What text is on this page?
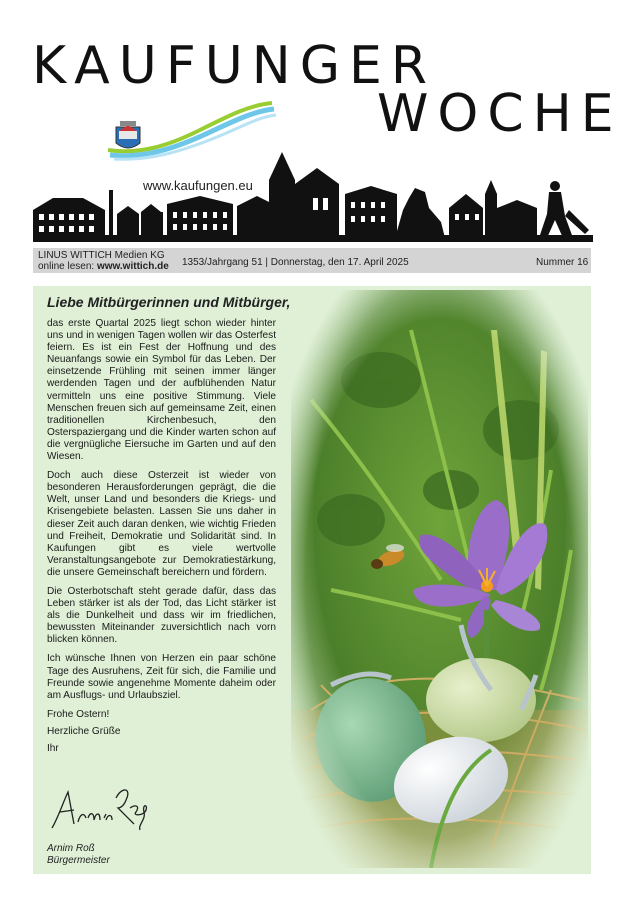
KAUFUNGER
WOCHE
www.kaufungen.eu
LINUS WITTICH Medien KG
online lesen: www.wittich.de 1353/Jahrgang 51 | Donnerstag, den 17. April 2025	Nummer 16
Liebe Mitbürgerinnen und Mitbürger,

das erste Quartal 2025 liegt schon wieder hinter uns und in wenigen Tagen wollen wir das Osterfest feiern. Es ist ein Fest der Hoffnung und des Neuanfangs sowie ein Symbol für das Leben. Der einsetzende Frühling mit seinen immer länger werdenden Tagen und der aufblühenden Natur vermitteln uns eine positive Stimmung. Viele Menschen freuen sich auf gemeinsame Zeit, einen traditionellen Kirchenbesuch, den Osterspaziergang und die Kinder warten schon auf die vergnügliche Eiersuche im Garten und auf den Wiesen.

Doch auch diese Osterzeit ist wieder von besonderen Herausforderungen geprägt, die die Welt, unser Land und besonders die Kriegs- und Krisengebiete belasten. Lassen Sie uns daher in dieser Zeit auch daran denken, wie wichtig Frieden und Freiheit, Demokratie und Solidarität sind. In Kaufungen gibt es viele wertvolle Veranstaltungsangebote zur Demokratiestärkung, die unsere Gemeinschaft bereichern und fördern.

Die Osterbotschaft steht gerade dafür, dass das Leben stärker ist als der Tod, das Licht stärker ist als die Dunkelheit und dass wir im friedlichen, bewussten Miteinander zuversichtlich nach vorn blicken können.

Ich wünsche Ihnen von Herzen ein paar schöne Tage des Ausruhens, Zeit für sich, die Familie und Freunde sowie angenehme Momente daheim oder am Ausflugs- und Urlaubsziel.

Frohe Ostern!

Herzliche Grüße

Ihr

Arnim Roß
Bürgermeister
